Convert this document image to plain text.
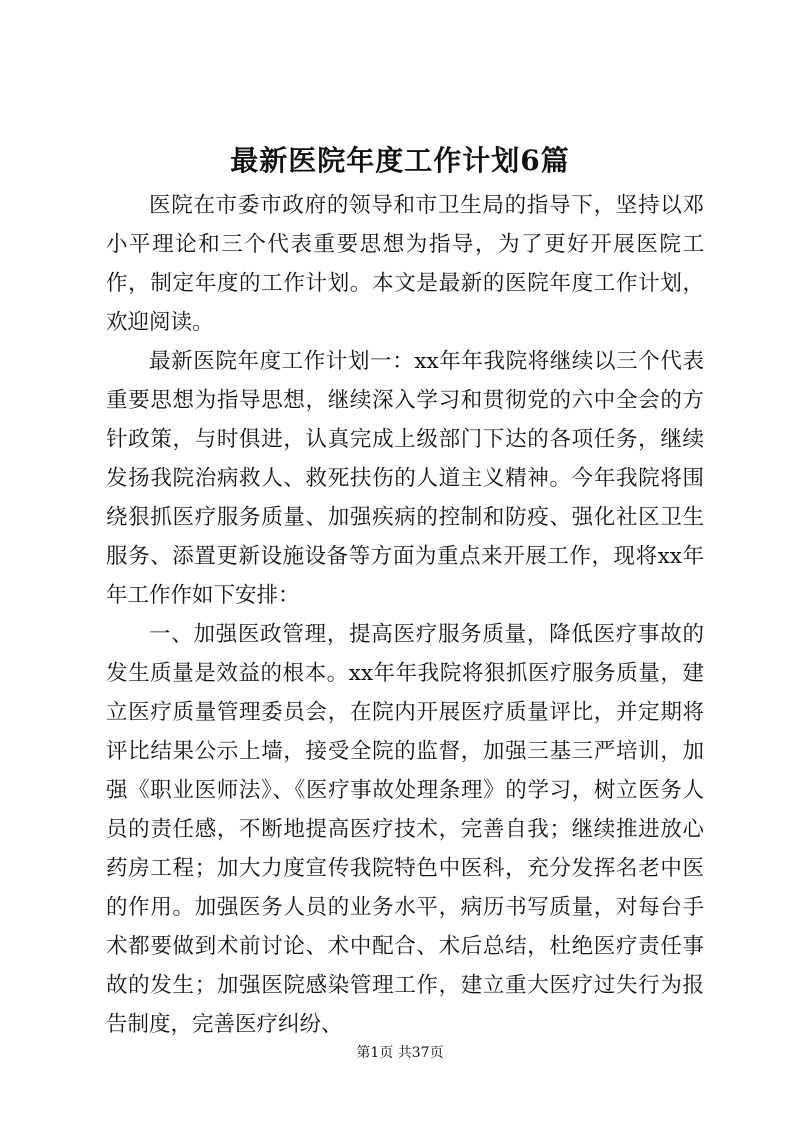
最新医院年度工作计划6篇

医院在市委市政府的领导和市卫生局的指导下，坚持以邓小平理论和三个代表重要思想为指导，为了更好开展医院工作，制定年度的工作计划。本文是最新的医院年度工作计划，欢迎阅读。

最新医院年度工作计划一：xx年年我院将继续以三个代表重要思想为指导思想，继续深入学习和贯彻党的六中全会的方针政策，与时俱进，认真完成上级部门下达的各项任务，继续发扬我院治病救人、救死扶伤的人道主义精神。今年我院将围绕狠抓医疗服务质量、加强疾病的控制和防疫、强化社区卫生服务、添置更新设施设备等方面为重点来开展工作，现将xx年年工作作如下安排：

一、加强医政管理，提高医疗服务质量，降低医疗事故的发生质量是效益的根本。xx年年我院将狠抓医疗服务质量，建立医疗质量管理委员会，在院内开展医疗质量评比，并定期将评比结果公示上墙，接受全院的监督，加强三基三严培训，加强《职业医师法》、《医疗事故处理条理》的学习，树立医务人员的责任感，不断地提高医疗技术，完善自我；继续推进放心药房工程；加大力度宣传我院特色中医科，充分发挥名老中医的作用。加强医务人员的业务水平，病历书写质量，对每台手术都要做到术前讨论、术中配合、术后总结，杜绝医疗责任事故的发生；加强医院感染管理工作，建立重大医疗过失行为报告制度，完善医疗纠纷、

第1页 共37页
